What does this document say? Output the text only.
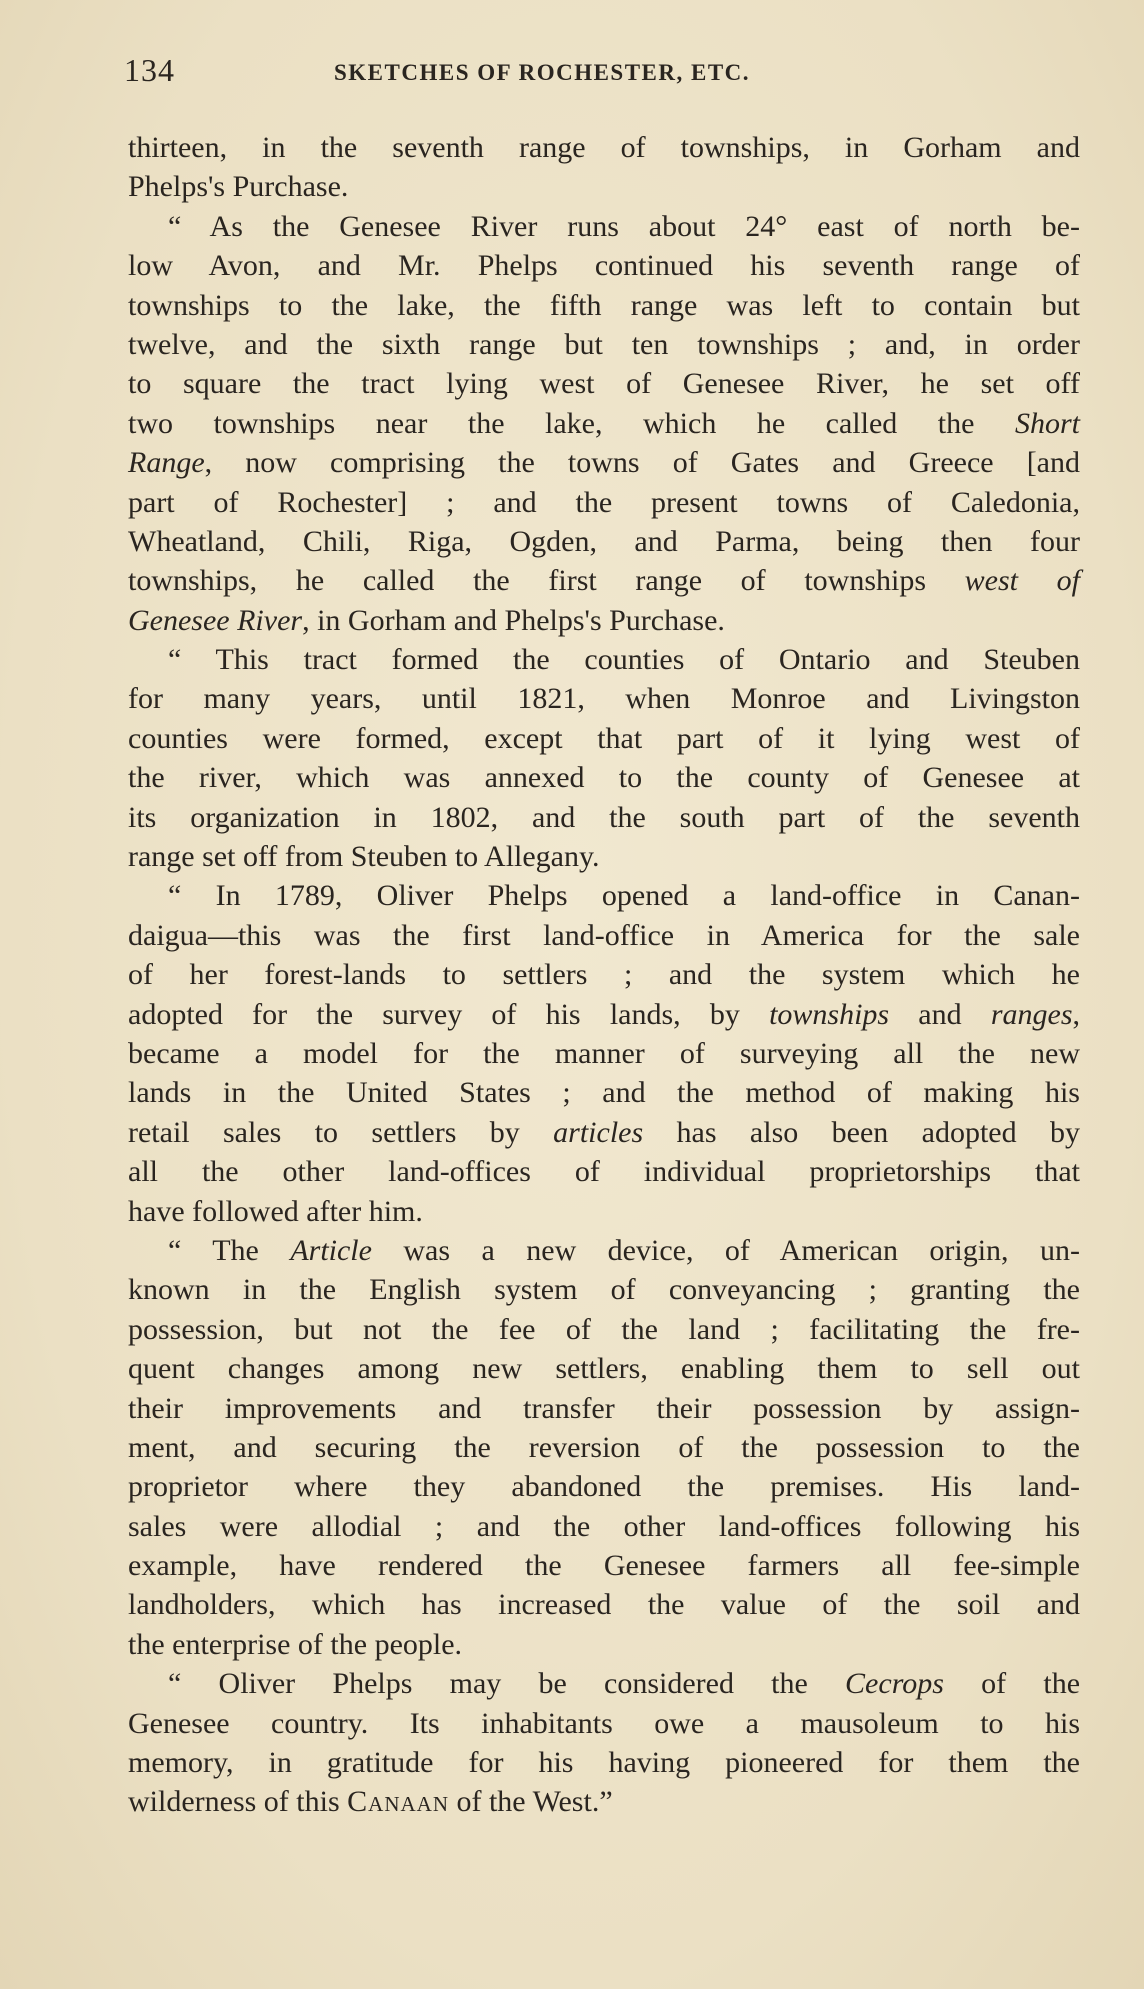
134	SKETCHES OF ROCHESTER, ETC.
thirteen, in the seventh range of townships, in Gorham and
Phelps's Purchase.
“ As the Genesee River runs about 24° east of north be-
low Avon, and Mr. Phelps continued his seventh range of
townships to the lake, the fifth range was left to contain but
twelve, and the sixth range but ten townships ; and, in order
to square the tract lying west of Genesee River, he set off
two townships near the lake, which he called the Short
Range, now comprising the towns of Gates and Greece [and
part of Rochester] ; and the present towns of Caledonia,
Wheatland, Chili, Riga, Ogden, and Parma, being then four
townships, he called the first range of townships west of
Genesee River, in Gorham and Phelps's Purchase.
“ This tract formed the counties of Ontario and Steuben
for many years, until 1821, when Monroe and Livingston
counties were formed, except that part of it lying west of
the river, which was annexed to the county of Genesee at
its organization in 1802, and the south part of the seventh
range set off from Steuben to Allegany.
“ In 1789, Oliver Phelps opened a land-office in Canan-
daigua—this was the first land-office in America for the sale
of her forest-lands to settlers ; and the system which he
adopted for the survey of his lands, by townships and ranges,
became a model for the manner of surveying all the new
lands in the United States ; and the method of making his
retail sales to settlers by articles has also been adopted by
all the other land-offices of individual proprietorships that
have followed after him.
“ The Article was a new device, of American origin, un-
known in the English system of conveyancing ; granting the
possession, but not the fee of the land ; facilitating the fre-
quent changes among new settlers, enabling them to sell out
their improvements and transfer their possession by assign-
ment, and securing the reversion of the possession to the
proprietor where they abandoned the premises. His land-
sales were allodial ; and the other land-offices following his
example, have rendered the Genesee farmers all fee-simple
landholders, which has increased the value of the soil and
the enterprise of the people.
“ Oliver Phelps may be considered the Cecrops of the
Genesee country. Its inhabitants owe a mausoleum to his
memory, in gratitude for his having pioneered for them the
wilderness of this Canaan of the West.”
